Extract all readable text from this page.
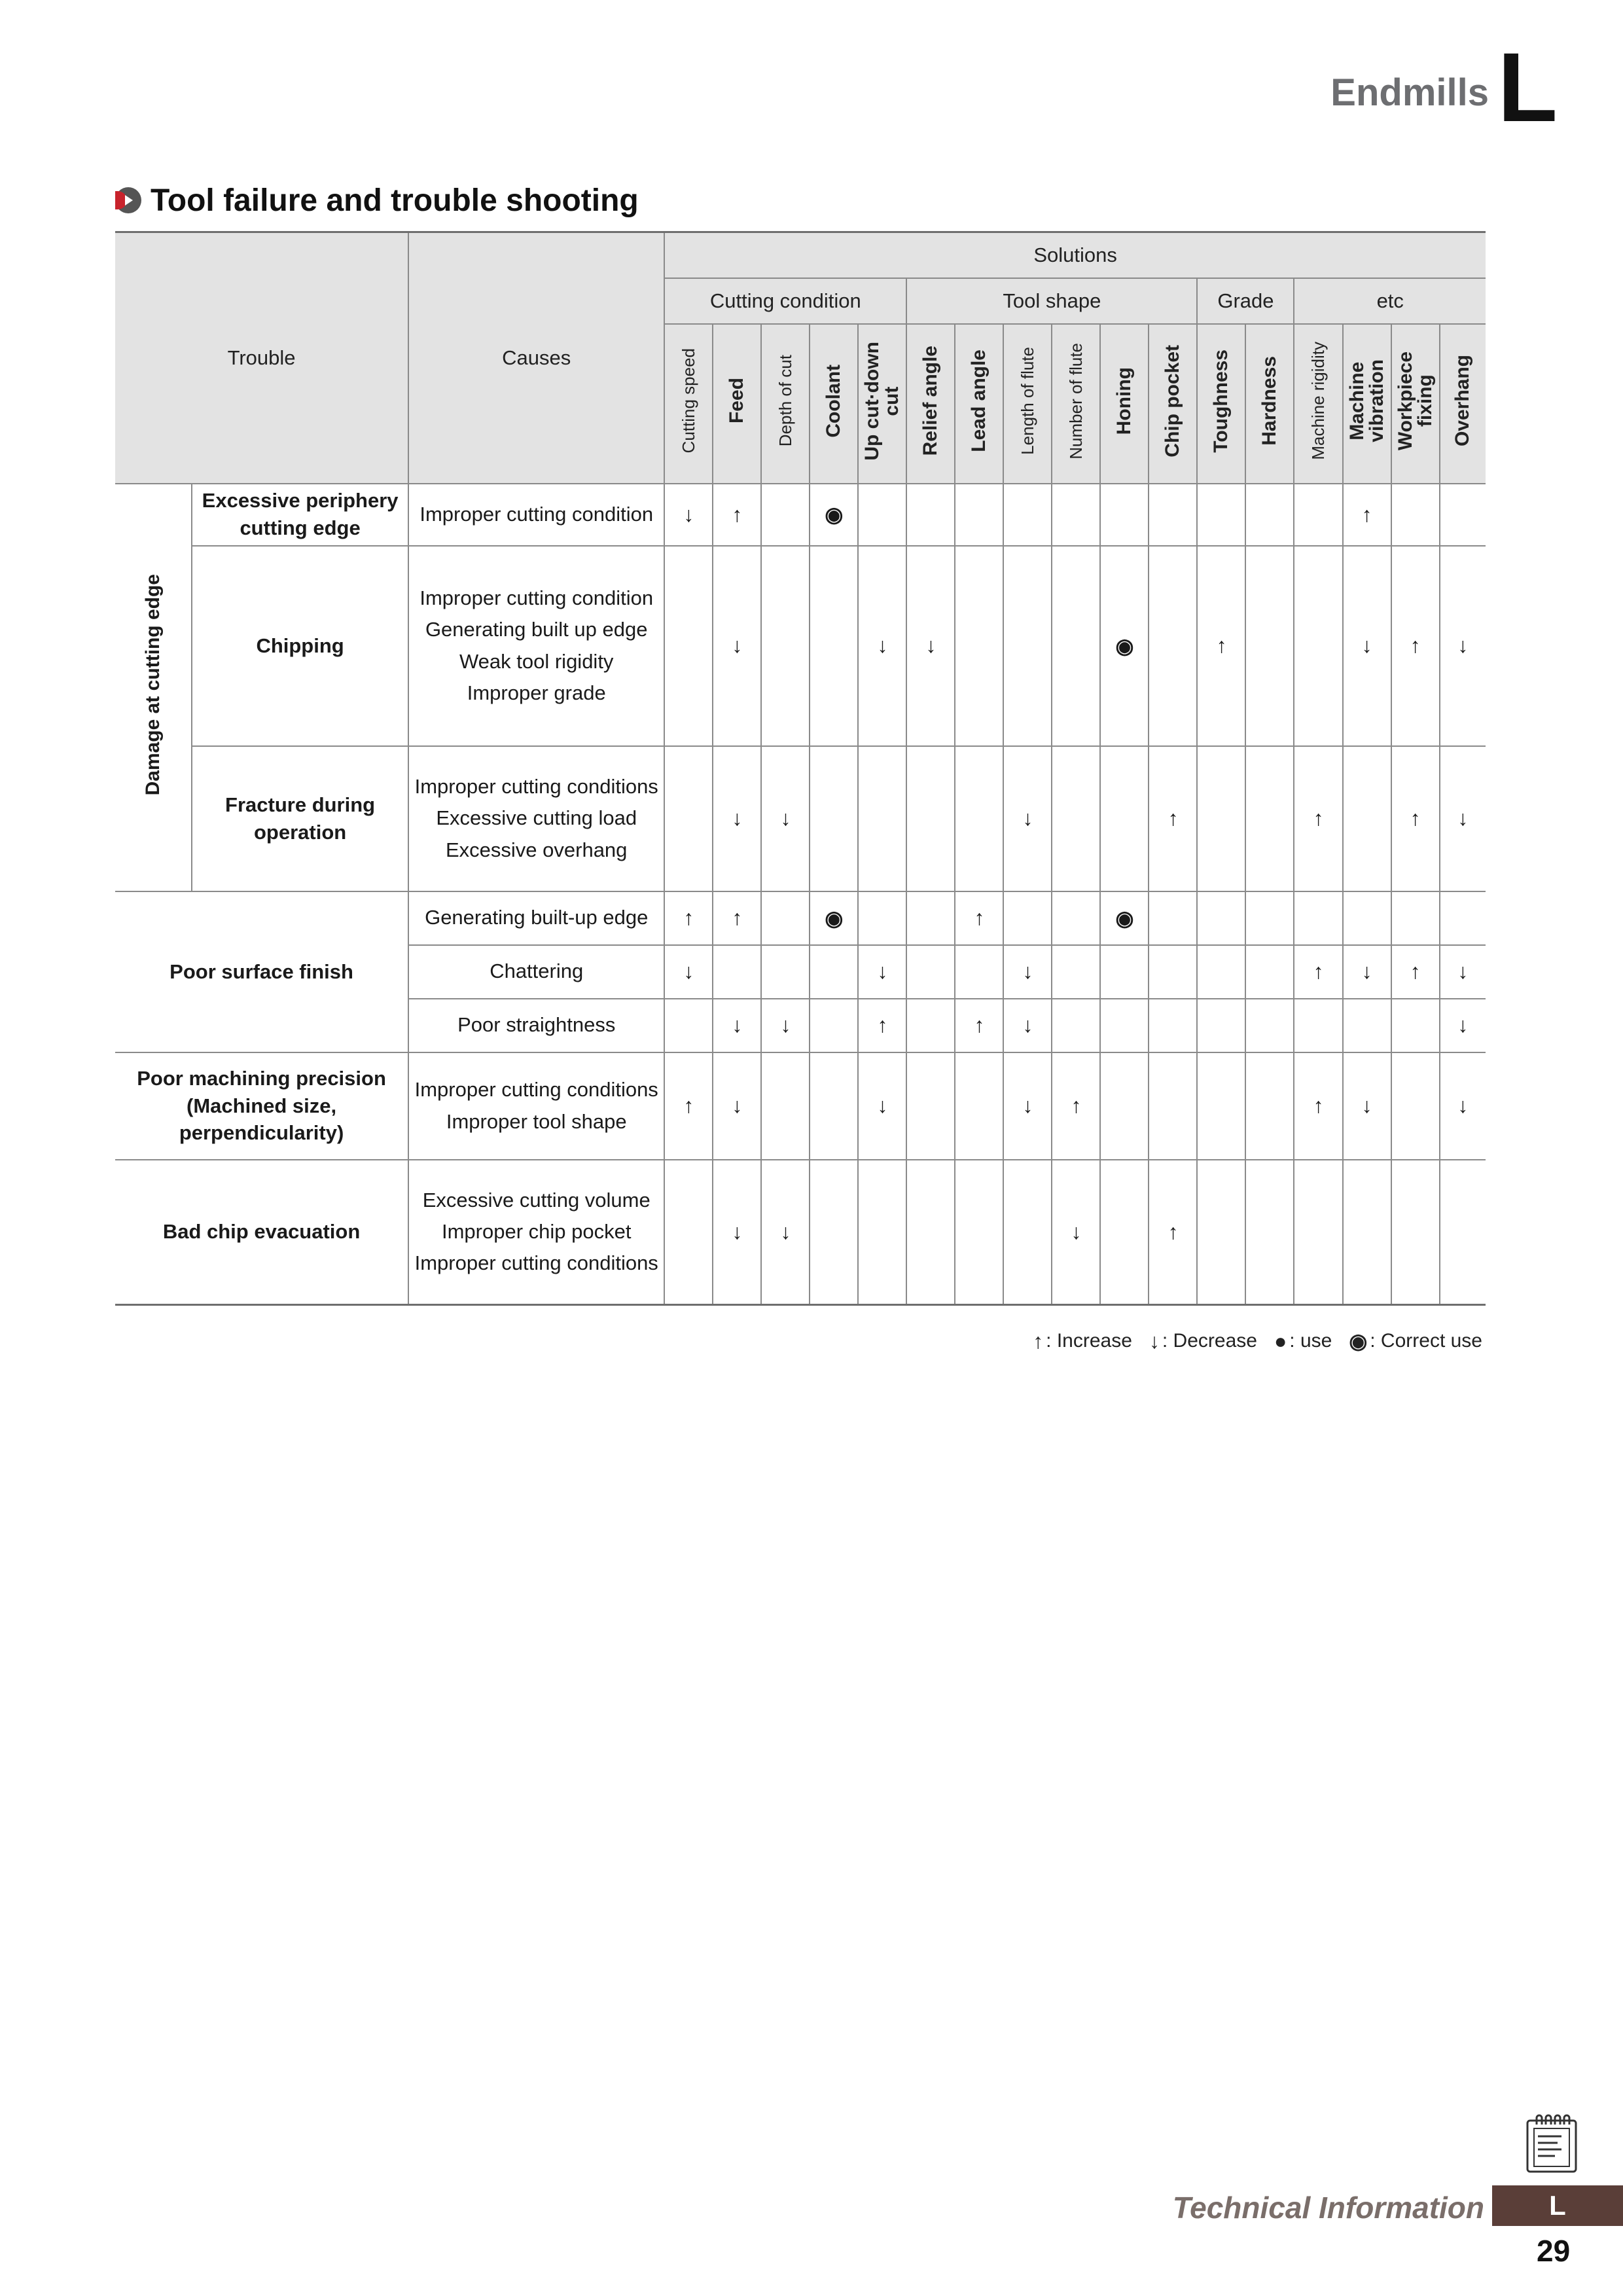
Endmills L
Tool failure and trouble shooting
Trouble		Causes	Solutions																
			Cutting condition					Tool shape						Grade		etc			
			Cutting speed	Feed	Depth of cut	Coolant	Up cut·down
cut	Relief angle	Lead angle	Length of flute	Number of flute	Honing	Chip pocket	Toughness	Hardness	Machine rigidity	Machine
vibration	Workpiece
fixing	Overhang
Damage at cutting edge	Excessive periphery
cutting edge	Improper cutting condition	↓	↑		◉											↑		
	Chipping	Improper cutting condition
Generating built up edge
Weak tool rigidity
Improper grade		↓			↓	↓				◉		↑			↓	↑	↓
	Fracture during
operation	Improper cutting conditions
Excessive cutting load
Excessive overhang		↓	↓					↓			↑			↑		↑	↓
Poor surface finish		Generating built-up edge	↑	↑		◉			↑			◉							

		Chattering	↓				↓			↓						↑	↓	↑	↓

		Poor straightness		↓	↓		↑		↑	↓									↓
Poor machining precision
(Machined size,
perpendicularity)		Improper cutting conditions
Improper tool shape	↑	↓			↓			↓	↑					↑	↓		↓
Bad chip evacuation		Excessive cutting volume
Improper chip pocket
Improper cutting conditions		↓	↓						↓		↑						
↑ : Increase ↓ : Decrease ● : use ◉ : Correct use
Technical Information	L
29
